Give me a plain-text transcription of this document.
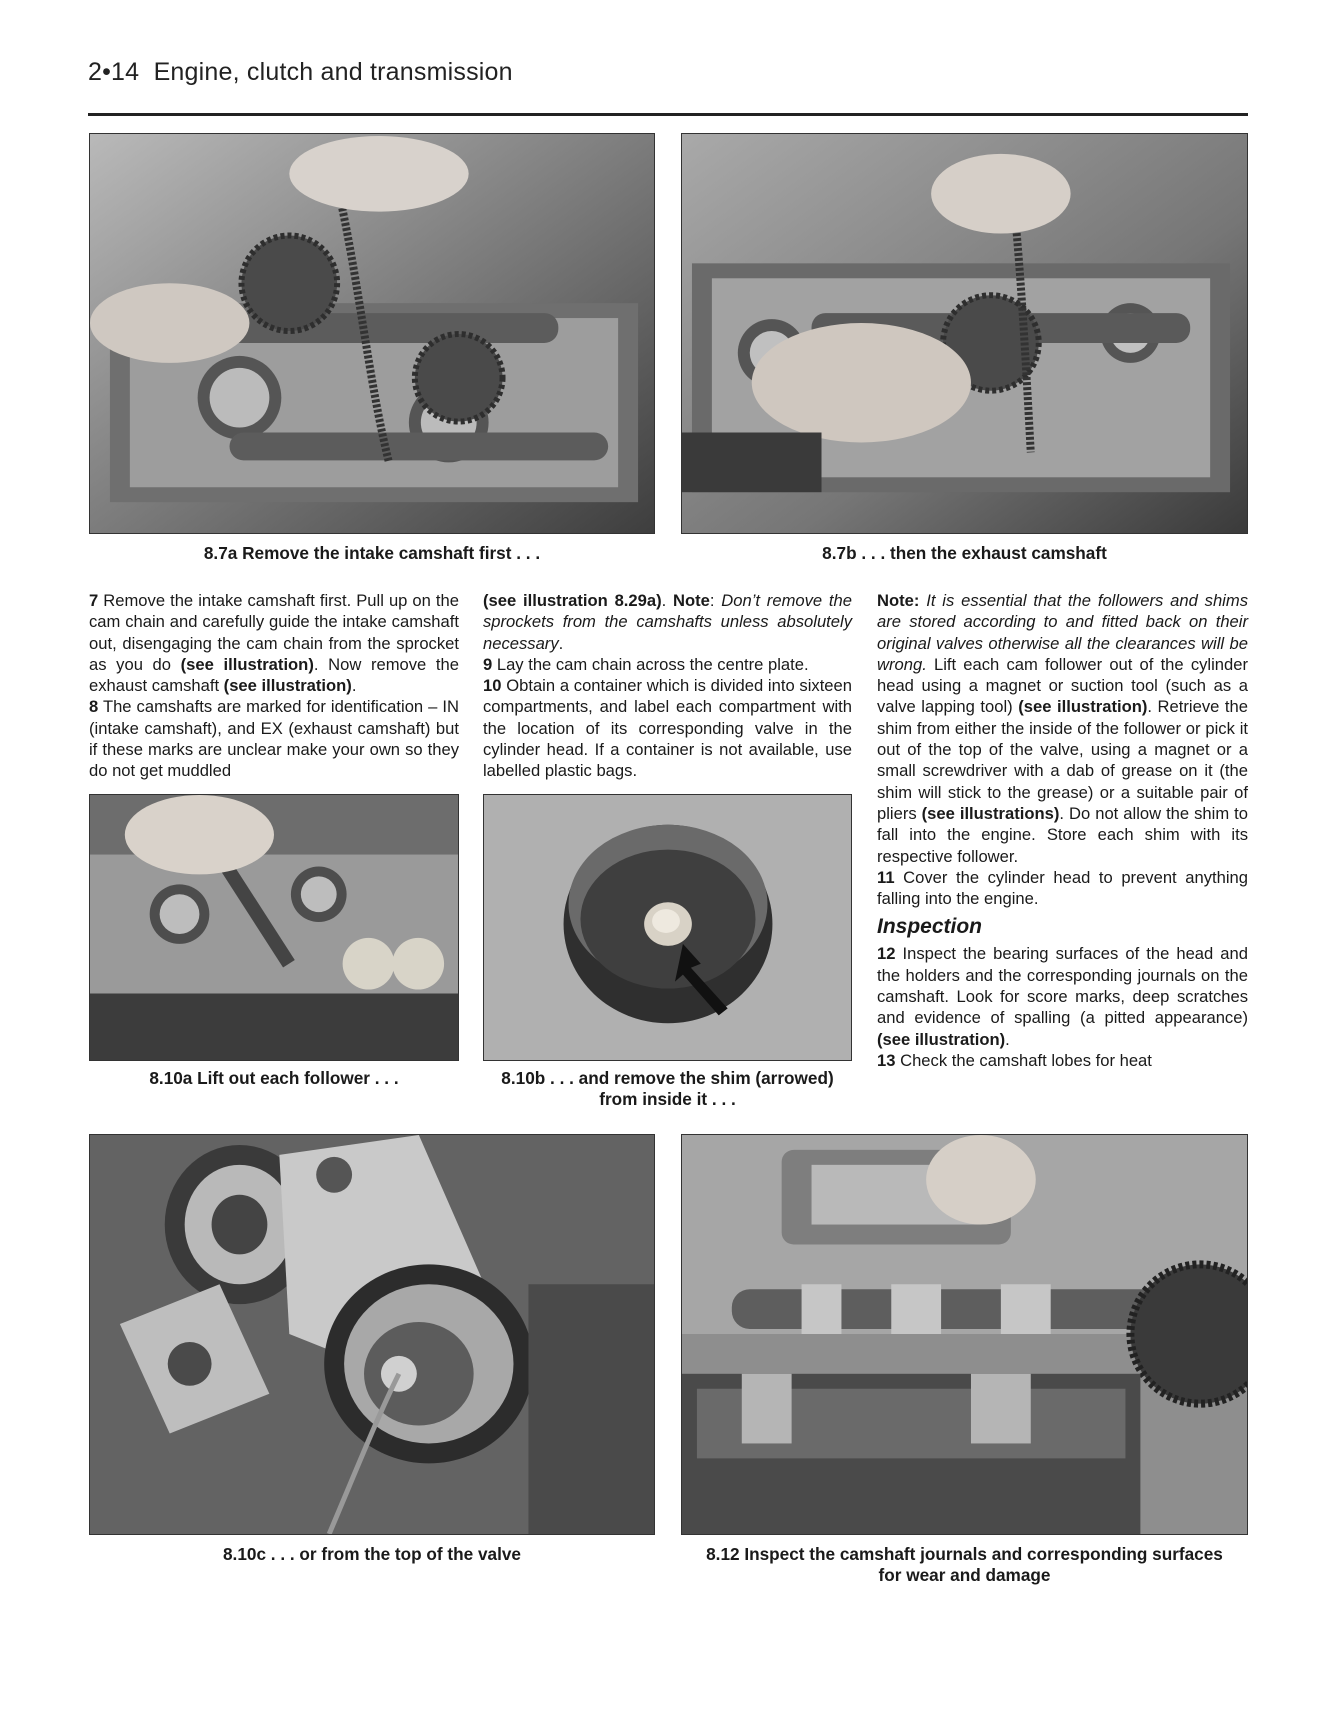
2•14 Engine, clutch and transmission
8.7a Remove the intake camshaft first . . .	8.7b . . . then the exhaust camshaft

7 Remove the intake camshaft first. Pull up on the cam chain and carefully guide the intake camshaft out, disengaging the cam chain from the sprocket as you do (see illustration). Now remove the exhaust camshaft (see illustration).

8 The camshafts are marked for identification – IN (intake camshaft), and EX (exhaust camshaft) but if these marks are unclear make your own so they do not get muddled

(see illustration 8.29a). Note: Don’t remove the sprockets from the camshafts unless absolutely necessary.

9 Lay the cam chain across the centre plate.

10 Obtain a container which is divided into sixteen compartments, and label each compartment with the location of its corresponding valve in the cylinder head. If a container is not available, use labelled plastic bags.

Note: It is essential that the followers and shims are stored according to and fitted back on their original valves otherwise all the clearances will be wrong. Lift each cam follower out of the cylinder head using a magnet or suction tool (such as a valve lapping tool) (see illustration). Retrieve the shim from either the inside of the follower or pick it out of the top of the valve, using a magnet or a small screwdriver with a dab of grease on it (the shim will stick to the grease) or a suitable pair of pliers (see illustrations). Do not allow the shim to fall into the engine. Store each shim with its respective follower.

11 Cover the cylinder head to prevent anything falling into the engine.

Inspection

12 Inspect the bearing surfaces of the head and the holders and the corresponding journals on the camshaft. Look for score marks, deep scratches and evidence of spalling (a pitted appearance) (see illustration).

13 Check the camshaft lobes for heat

8.10a Lift out each follower . . .	8.10b . . . and remove the shim (arrowed)
from inside it . . .
8.10c . . . or from the top of the valve	8.12 Inspect the camshaft journals and corresponding surfaces
for wear and damage
